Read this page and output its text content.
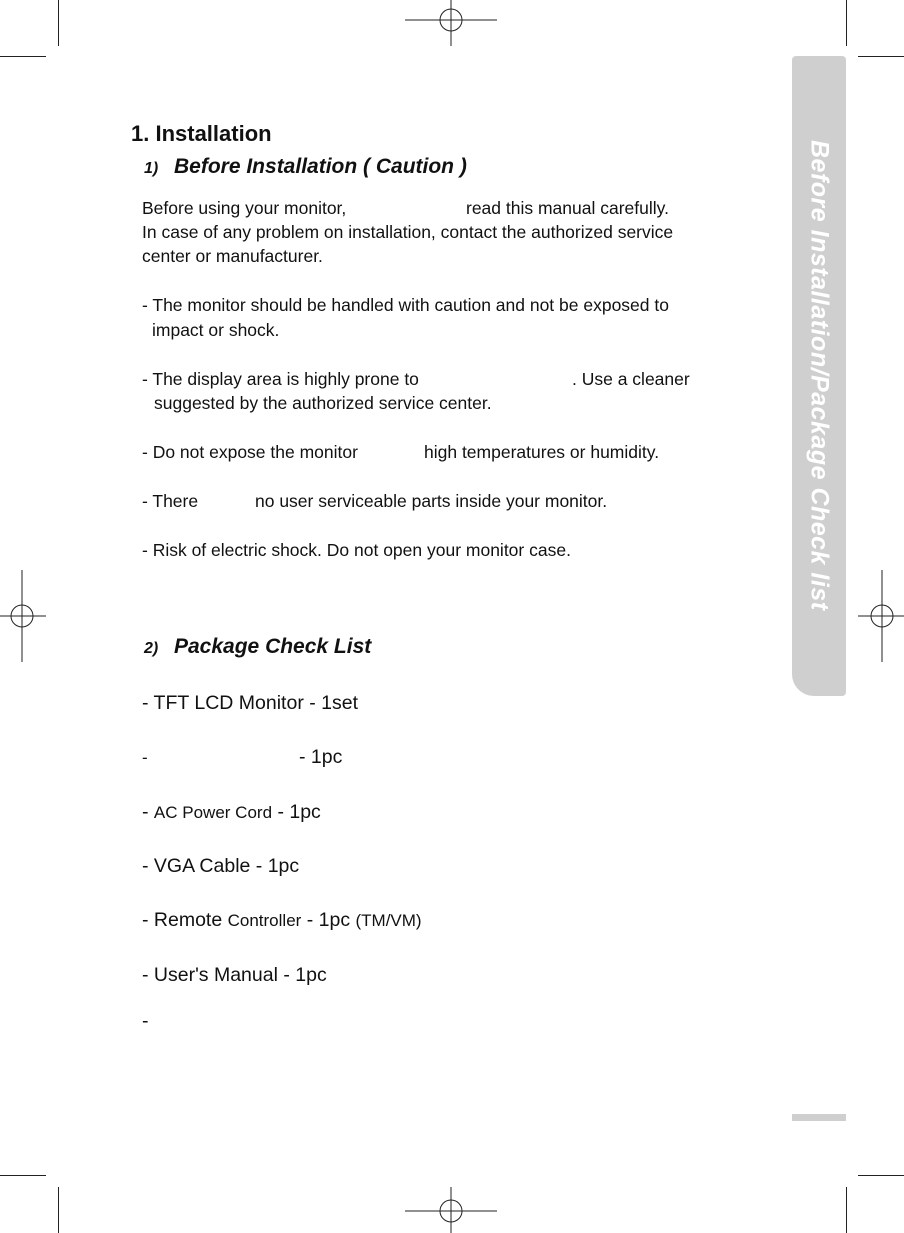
Before Installation/Package Check list
1. Installation
1) Before Installation ( Caution )
Before using your monitor,	read this manual carefully.
In case of any problem on installation, contact the authorized service
center or manufacturer.
- The monitor should be handled with caution and not be exposed to
impact or shock.
- The display area is highly prone to	. Use a cleaner
suggested by the authorized service center.
- Do not expose the monitor	high temperatures or humidity.
- There	no user serviceable parts inside your monitor.
- Risk of electric shock. Do not open your monitor case.
2) Package Check List
- TFT LCD Monitor - 1set
-	- 1pc
- AC Power Cord - 1pc
- VGA Cable - 1pc
- Remote Controller - 1pc (TM/VM)
- User's Manual - 1pc
-
